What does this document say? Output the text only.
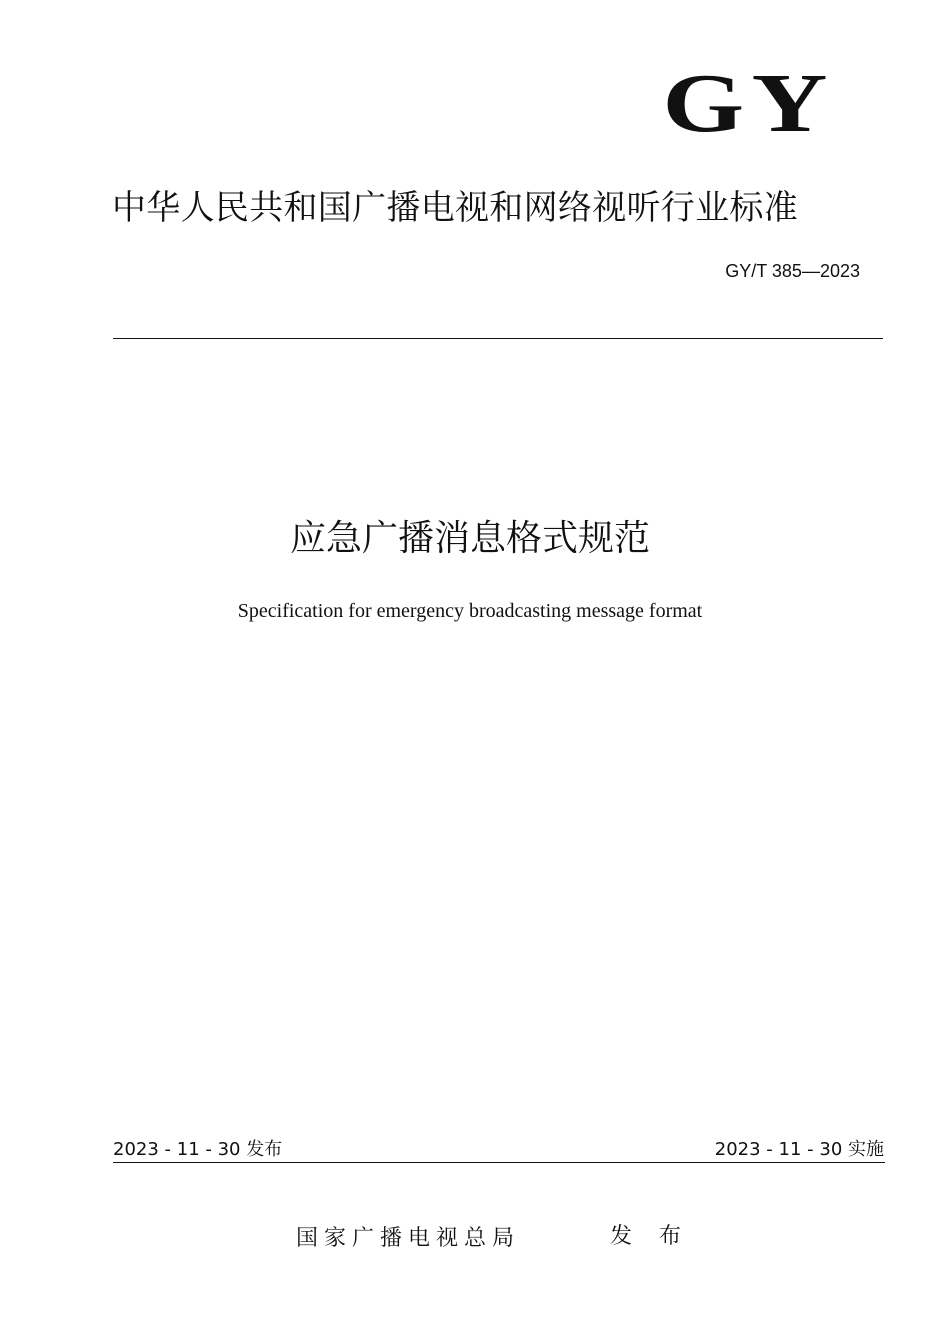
GY
中华人民共和国广播电视和网络视听行业标准
GY/T 385—2023
应急广播消息格式规范
Specification for emergency broadcasting message format
2023 - 11 - 30 发布	2023 - 11 - 30 实施
国家广播电视总局	发 布
